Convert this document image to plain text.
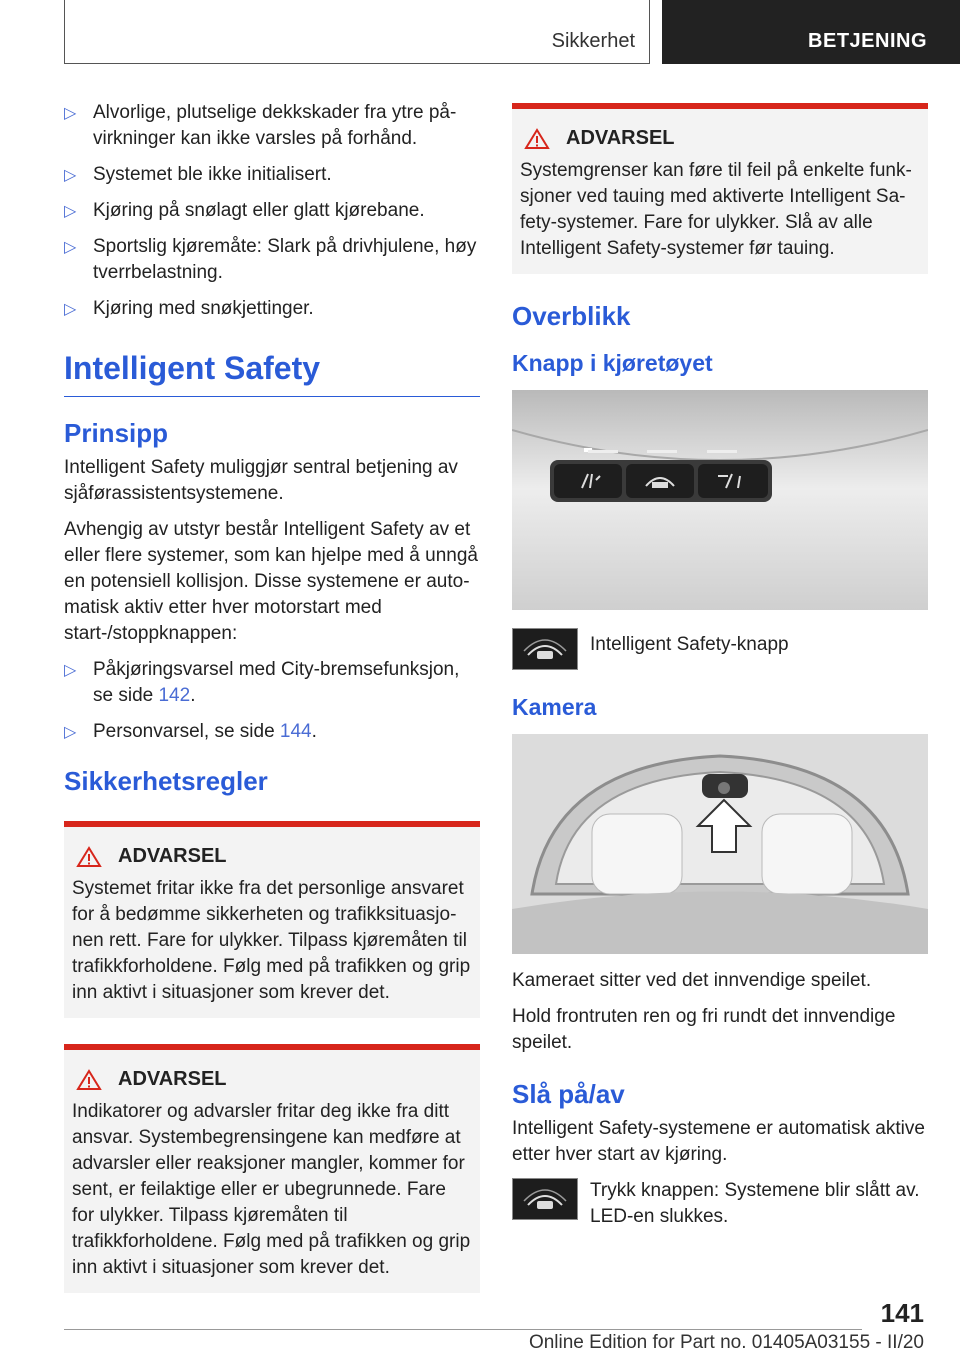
Sikkerhet	BETJENING
▷ Alvorlige, plutselige dekkskader fra ytre påvirkninger kan ikke varsles på forhånd.
▷ Systemet ble ikke initialisert.
▷ Kjøring på snølagt eller glatt kjørebane.
▷ Sportslig kjøremåte: Slark på drivhjulene, høy tverrbelastning.
▷ Kjøring med snøkjettinger.
Intelligent Safety
Prinsipp

Intelligent Safety muliggjør sentral betjening av sjåførassistentsystemene.

Avhengig av utstyr består Intelligent Safety av et eller flere systemer, som kan hjelpe med å unngå en potensiell kollisjon. Disse systemene er automatisk aktiv etter hver motorstart med start-/stoppknappen:

▷ Påkjøringsvarsel med City-bremsefunksjon, se side 142.
▷ Personvarsel, se side 144.
Sikkerhetsregler
ADVARSEL

Systemet fritar ikke fra det personlige ansvaret for å bedømme sikkerheten og trafikksituasjonen rett. Fare for ulykker. Tilpass kjøremåten til trafikkforholdene. Følg med på trafikken og grip inn aktivt i situasjoner som krever det.

ADVARSEL

Indikatorer og advarsler fritar deg ikke fra ditt ansvar. Systembegrensingene kan medføre at advarsler eller reaksjoner mangler, kommer for sent, er feilaktige eller er ubegrunnede. Fare for ulykker. Tilpass kjøremåten til trafikkforholdene. Følg med på trafikken og grip inn aktivt i situasjoner som krever det.

ADVARSEL

Systemgrenser kan føre til feil på enkelte funksjoner ved tauing med aktiverte Intelligent Safety-systemer. Fare for ulykker. Slå av alle Intelligent Safety-systemer før tauing.

Overblikk
Knapp i kjøretøyet

Intelligent Safety-knapp

Kamera

Kameraet sitter ved det innvendige speilet.

Hold frontruten ren og fri rundt det innvendige speilet.

Slå på/av

Intelligent Safety-systemene er automatisk aktive etter hver start av kjøring.

Trykk knappen: Systemene blir slått av. LED-en slukkes.

141
Online Edition for Part no. 01405A03155 - II/20
